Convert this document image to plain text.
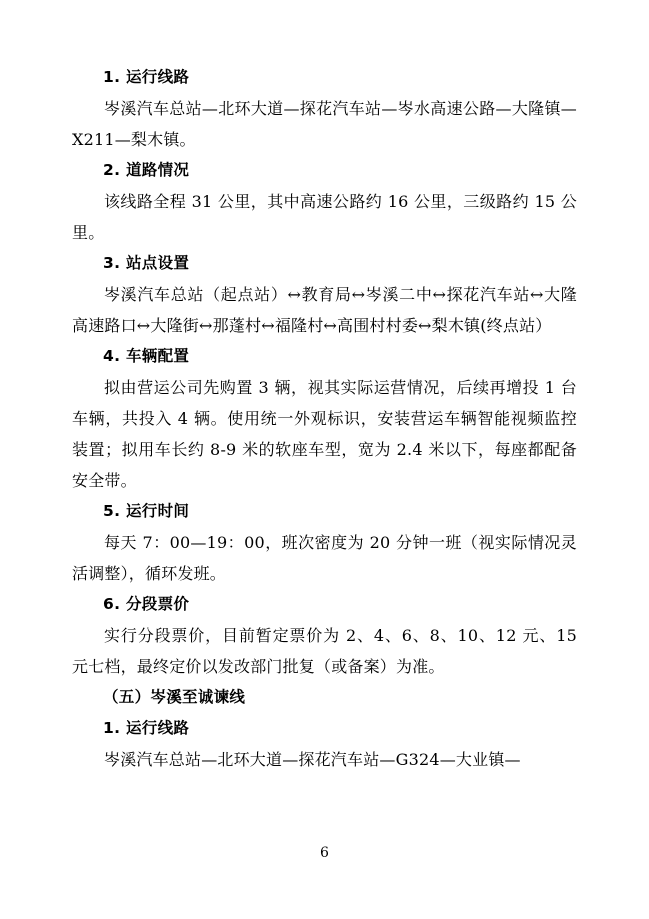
1. 运行线路

岑溪汽车总站—北环大道—探花汽车站—岑水高速公路—大隆镇—X211—梨木镇。

2. 道路情况

该线路全程 31 公里，其中高速公路约 16 公里，三级路约 15 公里。

3. 站点设置

岑溪汽车总站（起点站）↔教育局↔岑溪二中↔探花汽车站↔大隆高速路口↔大隆街↔那蓬村↔福隆村↔高围村村委↔梨木镇(终点站）

4. 车辆配置

拟由营运公司先购置 3 辆，视其实际运营情况，后续再增投 1 台车辆，共投入 4 辆。使用统一外观标识，安装营运车辆智能视频监控装置；拟用车长约 8-9 米的软座车型，宽为 2.4 米以下，每座都配备安全带。

5. 运行时间

每天 7：00—19：00，班次密度为 20 分钟一班（视实际情况灵活调整），循环发班。

6. 分段票价

实行分段票价，目前暂定票价为 2、4、6、8、10、12 元、15 元七档，最终定价以发改部门批复（或备案）为准。

（五）岑溪至诚谏线
1. 运行线路

岑溪汽车总站—北环大道—探花汽车站—G324—大业镇—

6
